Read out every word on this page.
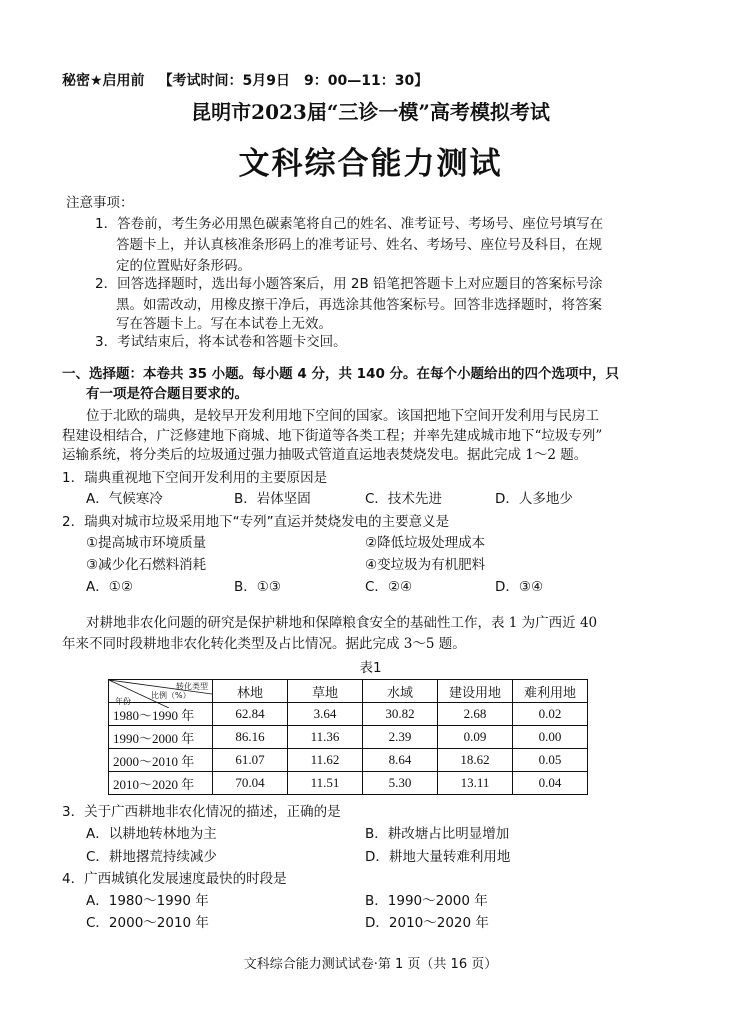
秘密★启用前 【考试时间：5月9日　9：00—11：30】
昆明市2023届“三诊一模”高考模拟考试
文科综合能力测试
注意事项：
1．答卷前，考生务必用黑色碳素笔将自己的姓名、准考证号、考场号、座位号填写在
答题卡上，并认真核准条形码上的准考证号、姓名、考场号、座位号及科目，在规
定的位置贴好条形码。
2．回答选择题时，选出每小题答案后，用 2B 铅笔把答题卡上对应题目的答案标号涂
黑。如需改动，用橡皮擦干净后，再选涂其他答案标号。回答非选择题时，将答案
写在答题卡上。写在本试卷上无效。
3．考试结束后，将本试卷和答题卡交回。
一、选择题：本卷共 35 小题。每小题 4 分，共 140 分。在每个小题给出的四个选项中，只
有一项是符合题目要求的。
位于北欧的瑞典，是较早开发利用地下空间的国家。该国把地下空间开发利用与民房工
程建设相结合，广泛修建地下商城、地下街道等各类工程；并率先建成城市地下“垃圾专列”
运输系统，将分类后的垃圾通过强力抽吸式管道直运地表焚烧发电。据此完成 1～2 题。
1．瑞典重视地下空间开发利用的主要原因是
A．气候寒冷	B．岩体坚固	C．技术先进	D．人多地少
2．瑞典对城市垃圾采用地下“专列”直运并焚烧发电的主要意义是
①提高城市环境质量	②降低垃圾处理成本
③减少化石燃料消耗	④变垃圾为有机肥料
A．①②	B．①③	C．②④	D．③④
对耕地非农化问题的研究是保护耕地和保障粮食安全的基础性工作，表 1 为广西近 40
年来不同时段耕地非农化转化类型及占比情况。据此完成 3～5 题。
表1
转化类型
比例（%）
年份	林地	草地	水域	建设用地	难利用地
1980～1990 年	62.84	3.64	30.82	2.68	0.02
1990～2000 年	86.16	11.36	2.39	0.09	0.00
2000～2010 年	61.07	11.62	8.64	18.62	0.05
2010～2020 年	70.04	11.51	5.30	13.11	0.04
3．关于广西耕地非农化情况的描述，正确的是
A．以耕地转林地为主	B．耕改塘占比明显增加
C．耕地撂荒持续减少	D．耕地大量转难利用地
4．广西城镇化发展速度最快的时段是
A．1980～1990 年	B．1990～2000 年
C．2000～2010 年	D．2010～2020 年
文科综合能力测试试卷·第 1 页（共 16 页）
